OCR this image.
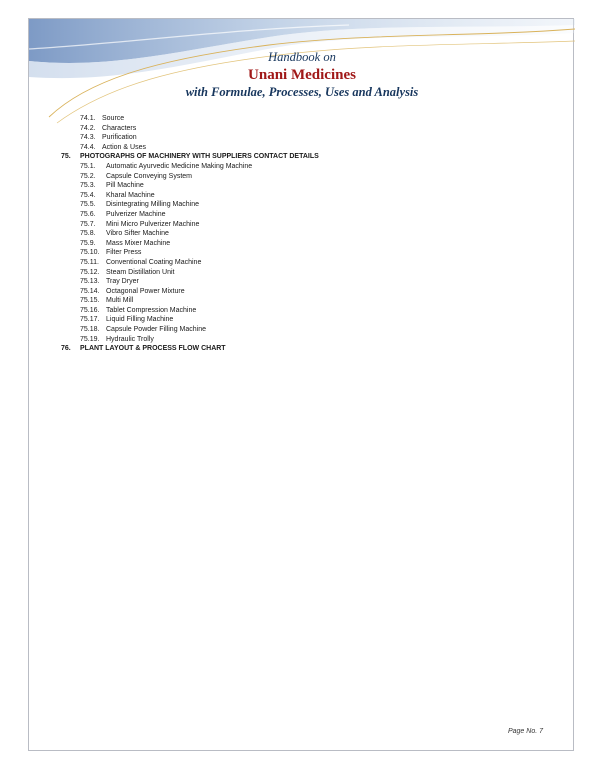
Handbook on
Unani Medicines
with Formulae, Processes, Uses and Analysis
74.1. Source
74.2. Characters
74.3. Purification
74.4. Action & Uses
75. PHOTOGRAPHS OF MACHINERY WITH SUPPLIERS CONTACT DETAILS
75.1. Automatic Ayurvedic Medicine Making Machine
75.2. Capsule Conveying System
75.3. Pill Machine
75.4. Kharal Machine
75.5. Disintegrating Milling Machine
75.6. Pulverizer Machine
75.7. Mini Micro Pulverizer Machine
75.8. Vibro Sifter Machine
75.9. Mass Mixer Machine
75.10. Filter Press
75.11. Conventional Coating Machine
75.12. Steam Distillation Unit
75.13. Tray Dryer
75.14. Octagonal Power Mixture
75.15. Multi Mill
75.16. Tablet Compression Machine
75.17. Liquid Filling Machine
75.18. Capsule Powder Filling Machine
75.19. Hydraulic Trolly
76. PLANT LAYOUT & PROCESS FLOW CHART
Page No. 7
